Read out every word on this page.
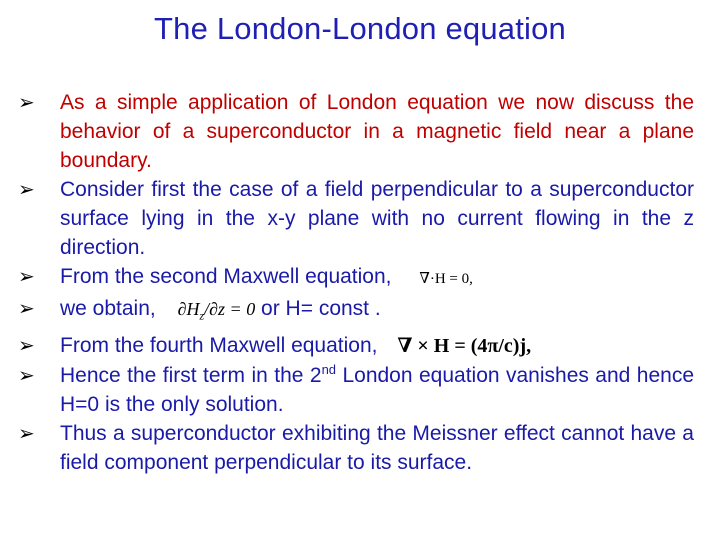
The London-London equation
➢ As a simple application of London equation we now discuss the behavior of a superconductor in a magnetic field near a plane boundary.
➢ Consider first the case of a field perpendicular to a superconductor surface lying in the x-y plane with no current flowing in the z direction.
➢ From the second Maxwell equation, ∇·H = 0,
➢ we obtain, $\partial H_z/\partial z = 0$ or H= const .
➢ From the fourth Maxwell equation, ∇ × H = (4π/c)j,
➢ Hence the first term in the 2nd London equation vanishes and hence H=0 is the only solution.
➢ Thus a superconductor exhibiting the Meissner effect cannot have a field component perpendicular to its surface.
